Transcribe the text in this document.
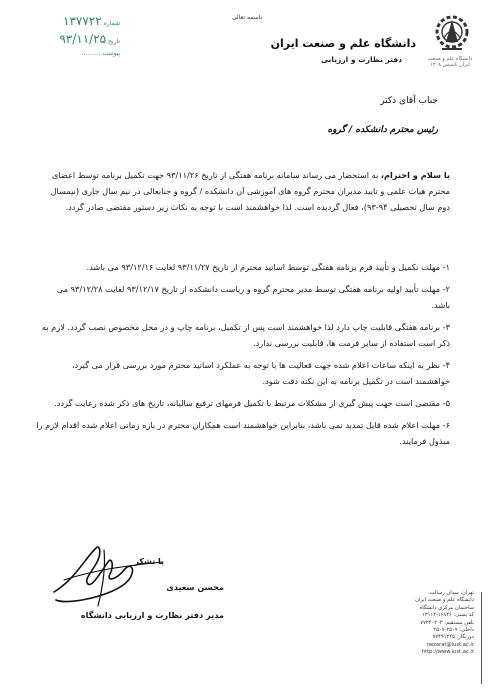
دانشگاه علم و صنعت ایران تاسیس ۱۳۰۸
باسمه تعالی
دانشگاه علم و صنعت ایران
دفتر نظارت و ارزیابی
شماره ۱۳۷۷۲۲
تاریخ ۹۳/۱۱/۲۵
پیوست ..........
جناب آقای دکتر
رئیس محترم دانشکده / گروه
با سلام و احترام، به استحضار می رساند سامانه برنامه هفتگی از تاریخ ۹۳/۱۱/۲۶ جهت تکمیل برنامه توسط اعضای محترم هیات علمی و تایید مدیران محترم گروه های آموزشی آن دانشکده / گروه و جنابعالی در نیم سال جاری (نیمسال دوم سال تحصیلی ۹۴-۹۳)، فعال گردیده است. لذا خواهشمند است با توجه به نکات زیر دستور مقتضی صادر گردد.
۱- مهلت تکمیل و تأیید فرم برنامه هفتگی توسط اساتید محترم از تاریخ ۹۳/۱۱/۲۷ لغایت ۹۳/۱۲/۱۶ می باشد.
۲- مهلت تأیید اولیه برنامه هفتگی توسط مدیر محترم گروه و ریاست دانشکده از تاریخ ۹۳/۱۲/۱۷ لغایت ۹۳/۱۲/۲۸ می باشد.
۳- برنامه هفتگی قابلیت چاپ دارد لذا خواهشمند است پس از تکمیل، برنامه چاپ و در محل مخصوص نصب گردد. لازم به ذکر است استفاده از سایر فرمت ها، قابلیت بررسی ندارد.
۴- نظر به اینکه ساعات اعلام شده جهت فعالیت ها با توجه به عملکرد اساتید محترم مورد بررسی قرار می گیرد، خواهشمند است در تکمیل برنامه به این نکته دقت شود.
۵- مقتضی است جهت پیش گیری از مشکلات مرتبط با تکمیل فرمهای ترفیع سالیانه، تاریخ های ذکر شده رعایت گردد.
۶- مهلت اعلام شده قابل تمدید نمی باشد، بنابراین خواهشمند است همکاران محترم در بازه زمانی اعلام شده اقدام لازم را مبذول فرمایند.
با تشکر
محسن سعیدی
مدیر دفتر نظارت و ارزیابی دانشگاه
تهران، میدان رسالت،
دانشگاه علم و صنعت ایران
ساختمان مرکزی دانشگاه
کد پستی: ۱۶۸۴۶-۱۳۱۱۴
تلفن مستقیم: ۷۷۲۴۰۲۰۳
داخلی: ۲۵۰۷-۲۵۰۷
دورنگار: ۷۷۴۹۱۲۴۵
nezarat@iust.ac.ir
http://www.iust.ac.ir
